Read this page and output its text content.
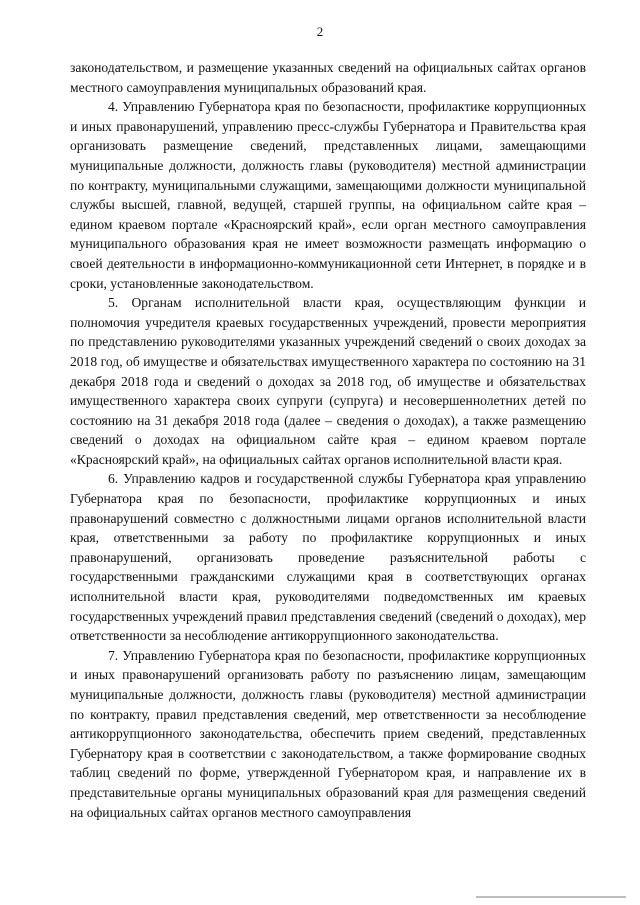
2

законодательством, и размещение указанных сведений на официальных сайтах органов местного самоуправления муниципальных образований края.

4. Управлению Губернатора края по безопасности, профилактике коррупционных и иных правонарушений, управлению пресс-службы Губернатора и Правительства края организовать размещение сведений, представленных лицами, замещающими муниципальные должности, должность главы (руководителя) местной администрации по контракту, муниципальными служащими, замещающими должности муниципальной службы высшей, главной, ведущей, старшей группы, на официальном сайте края – едином краевом портале «Красноярский край», если орган местного самоуправления муниципального образования края не имеет возможности размещать информацию о своей деятельности в информационно-коммуникационной сети Интернет, в порядке и в сроки, установленные законодательством.

5. Органам исполнительной власти края, осуществляющим функции и полномочия учредителя краевых государственных учреждений, провести мероприятия по представлению руководителями указанных учреждений сведений о своих доходах за 2018 год, об имуществе и обязательствах имущественного характера по состоянию на 31 декабря 2018 года и сведений о доходах за 2018 год, об имуществе и обязательствах имущественного характера своих супруги (супруга) и несовершеннолетних детей по состоянию на 31 декабря 2018 года (далее – сведения о доходах), а также размещению сведений о доходах на официальном сайте края – едином краевом портале «Красноярский край», на официальных сайтах органов исполнительной власти края.

6. Управлению кадров и государственной службы Губернатора края управлению Губернатора края по безопасности, профилактике коррупционных и иных правонарушений совместно с должностными лицами органов исполнительной власти края, ответственными за работу по профилактике коррупционных и иных правонарушений, организовать проведение разъяснительной работы с государственными гражданскими служащими края в соответствующих органах исполнительной власти края, руководителями подведомственных им краевых государственных учреждений правил представления сведений (сведений о доходах), мер ответственности за несоблюдение антикоррупционного законодательства.

7. Управлению Губернатора края по безопасности, профилактике коррупционных и иных правонарушений организовать работу по разъяснению лицам, замещающим муниципальные должности, должность главы (руководителя) местной администрации по контракту, правил представления сведений, мер ответственности за несоблюдение антикоррупционного законодательства, обеспечить прием сведений, представленных Губернатору края в соответствии с законодательством, а также формирование сводных таблиц сведений по форме, утвержденной Губернатором края, и направление их в представительные органы муниципальных образований края для размещения сведений на официальных сайтах органов местного самоуправления
